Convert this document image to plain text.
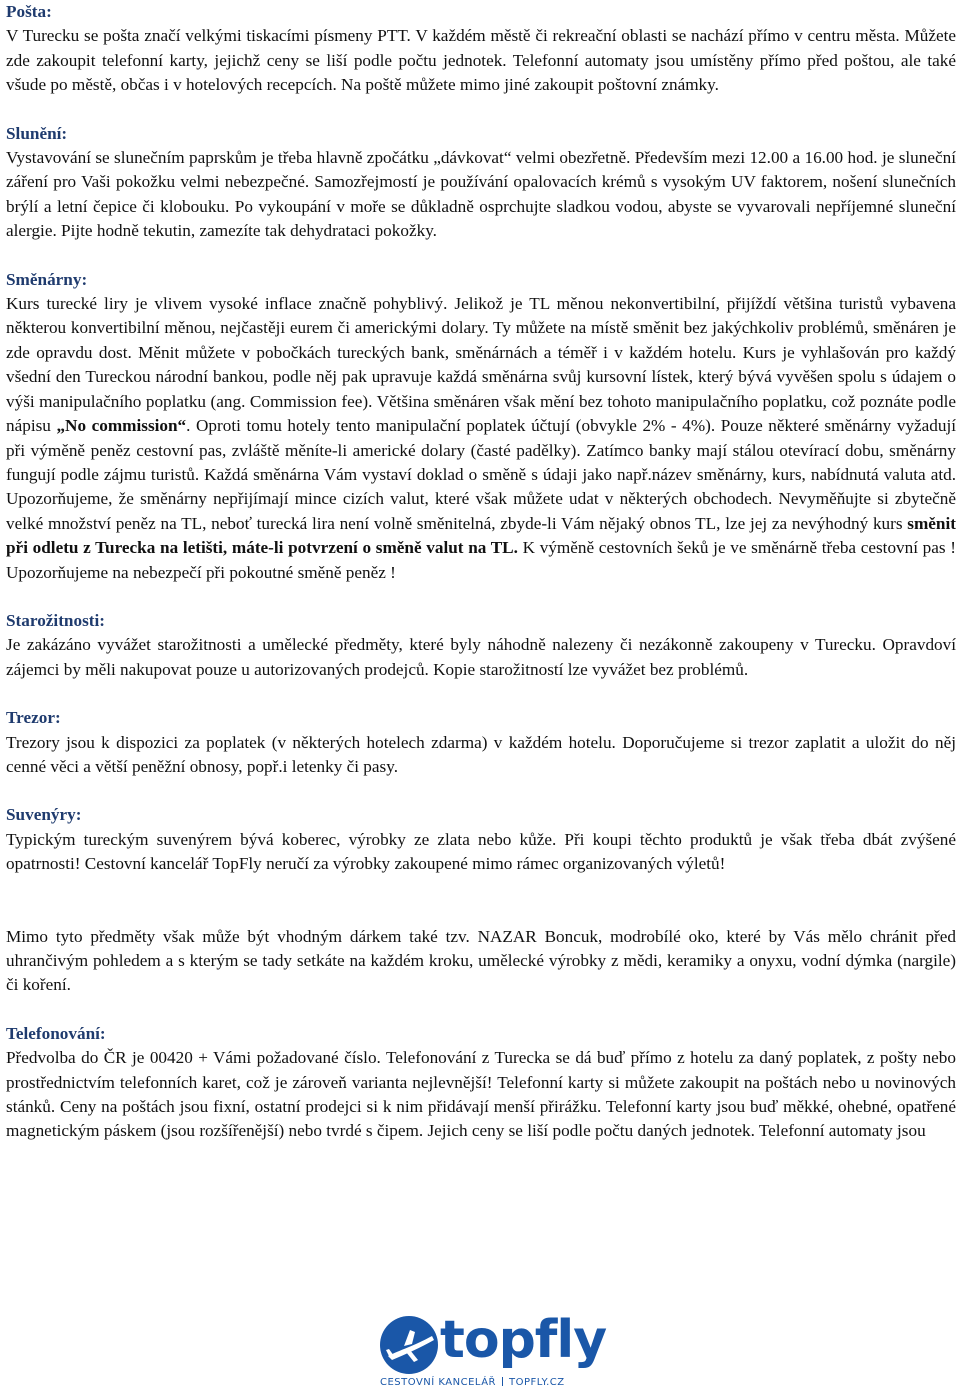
Pošta:

V Turecku se pošta značí velkými tiskacími písmeny PTT. V každém městě či rekreační oblasti se nachází přímo v centru města. Můžete zde zakoupit telefonní karty, jejichž ceny se liší podle počtu jednotek. Telefonní automaty jsou umístěny přímo před poštou, ale také všude po městě, občas i v hotelových recepcích. Na poště můžete mimo jiné zakoupit poštovní známky.

Slunění:

Vystavování se slunečním paprskům je třeba hlavně zpočátku „dávkovat“ velmi obezřetně. Především mezi 12.00 a 16.00 hod. je sluneční záření pro Vaši pokožku velmi nebezpečné. Samozřejmostí je používání opalovacích krémů s vysokým UV faktorem, nošení slunečních brýlí a letní čepice či klobouku. Po vykoupání v moře se důkladně osprchujte sladkou vodou, abyste se vyvarovali nepříjemné sluneční alergie. Pijte hodně tekutin, zamezíte tak dehydrataci pokožky.

Směnárny:

Kurs turecké liry je vlivem vysoké inflace značně pohyblivý. Jelikož je TL měnou nekonvertibilní, přijíždí většina turistů vybavena některou konvertibilní měnou, nejčastěji eurem či americkými dolary. Ty můžete na místě směnit bez jakýchkoliv problémů, směnáren je zde opravdu dost. Měnit můžete v pobočkách tureckých bank, směnárnách a téměř i v každém hotelu. Kurs je vyhlašován pro každý všední den Tureckou národní bankou, podle něj pak upravuje každá směnárna svůj kursovní lístek, který bývá vyvěšen spolu s údajem o výši manipulačního poplatku (ang. Commission fee). Většina směnáren však mění bez tohoto manipulačního poplatku, což poznáte podle nápisu „No commission“. Oproti tomu hotely tento manipulační poplatek účtují (obvykle 2% - 4%). Pouze některé směnárny vyžadují při výměně peněz cestovní pas, zvláště měníte-li americké dolary (časté padělky). Zatímco banky mají stálou otevírací dobu, směnárny fungují podle zájmu turistů. Každá směnárna Vám vystaví doklad o směně s údaji jako např.název směnárny, kurs, nabídnutá valuta atd. Upozorňujeme, že směnárny nepřijímají mince cizích valut, které však můžete udat v některých obchodech. Nevyměňujte si zbytečně velké množství peněz na TL, neboť turecká lira není volně směnitelná, zbyde-li Vám nějaký obnos TL, lze jej za nevýhodný kurs směnit při odletu z Turecka na letišti, máte-li potvrzení o směně valut na TL. K výměně cestovních šeků je ve směnárně třeba cestovní pas ! Upozorňujeme na nebezpečí při pokoutné směně peněz !

Starožitnosti:

Je zakázáno vyvážet starožitnosti a umělecké předměty, které byly náhodně nalezeny či nezákonně zakoupeny v Turecku. Opravdoví zájemci by měli nakupovat pouze u autorizovaných prodejců. Kopie starožitností lze vyvážet bez problémů.

Trezor:

Trezory jsou k dispozici za poplatek (v některých hotelech zdarma) v každém hotelu. Doporučujeme si trezor zaplatit a uložit do něj cenné věci a větší peněžní obnosy, popř.i letenky či pasy.

Suvenýry:

Typickým tureckým suvenýrem bývá koberec, výrobky ze zlata nebo kůže. Při koupi těchto produktů je však třeba dbát zvýšené opatrnosti! Cestovní kancelář TopFly neručí za výrobky zakoupené mimo rámec organizovaných výletů!

Mimo tyto předměty však může být vhodným dárkem také tzv. NAZAR Boncuk, modrobílé oko, které by Vás mělo chránit před uhrančivým pohledem a s kterým se tady setkáte na každém kroku, umělecké výrobky z mědi, keramiky a onyxu, vodní dýmka (nargile) či koření.

Telefonování:

Předvolba do ČR je 00420 + Vámi požadované číslo. Telefonování z Turecka se dá buď přímo z hotelu za daný poplatek, z pošty nebo prostřednictvím telefonních karet, což je zároveň varianta nejlevnější! Telefonní karty si můžete zakoupit na poštách nebo u novinových stánků. Ceny na poštách jsou fixní, ostatní prodejci si k nim přidávají menší přirážku. Telefonní karty jsou buď měkké, ohebné, opatřené magnetickým páskem (jsou rozšířenější) nebo tvrdé s čipem. Jejich ceny se liší podle počtu daných jednotek. Telefonní automaty jsou

topfly
CESTOVNÍ KANCELÁŘ TOPFLY.CZ
